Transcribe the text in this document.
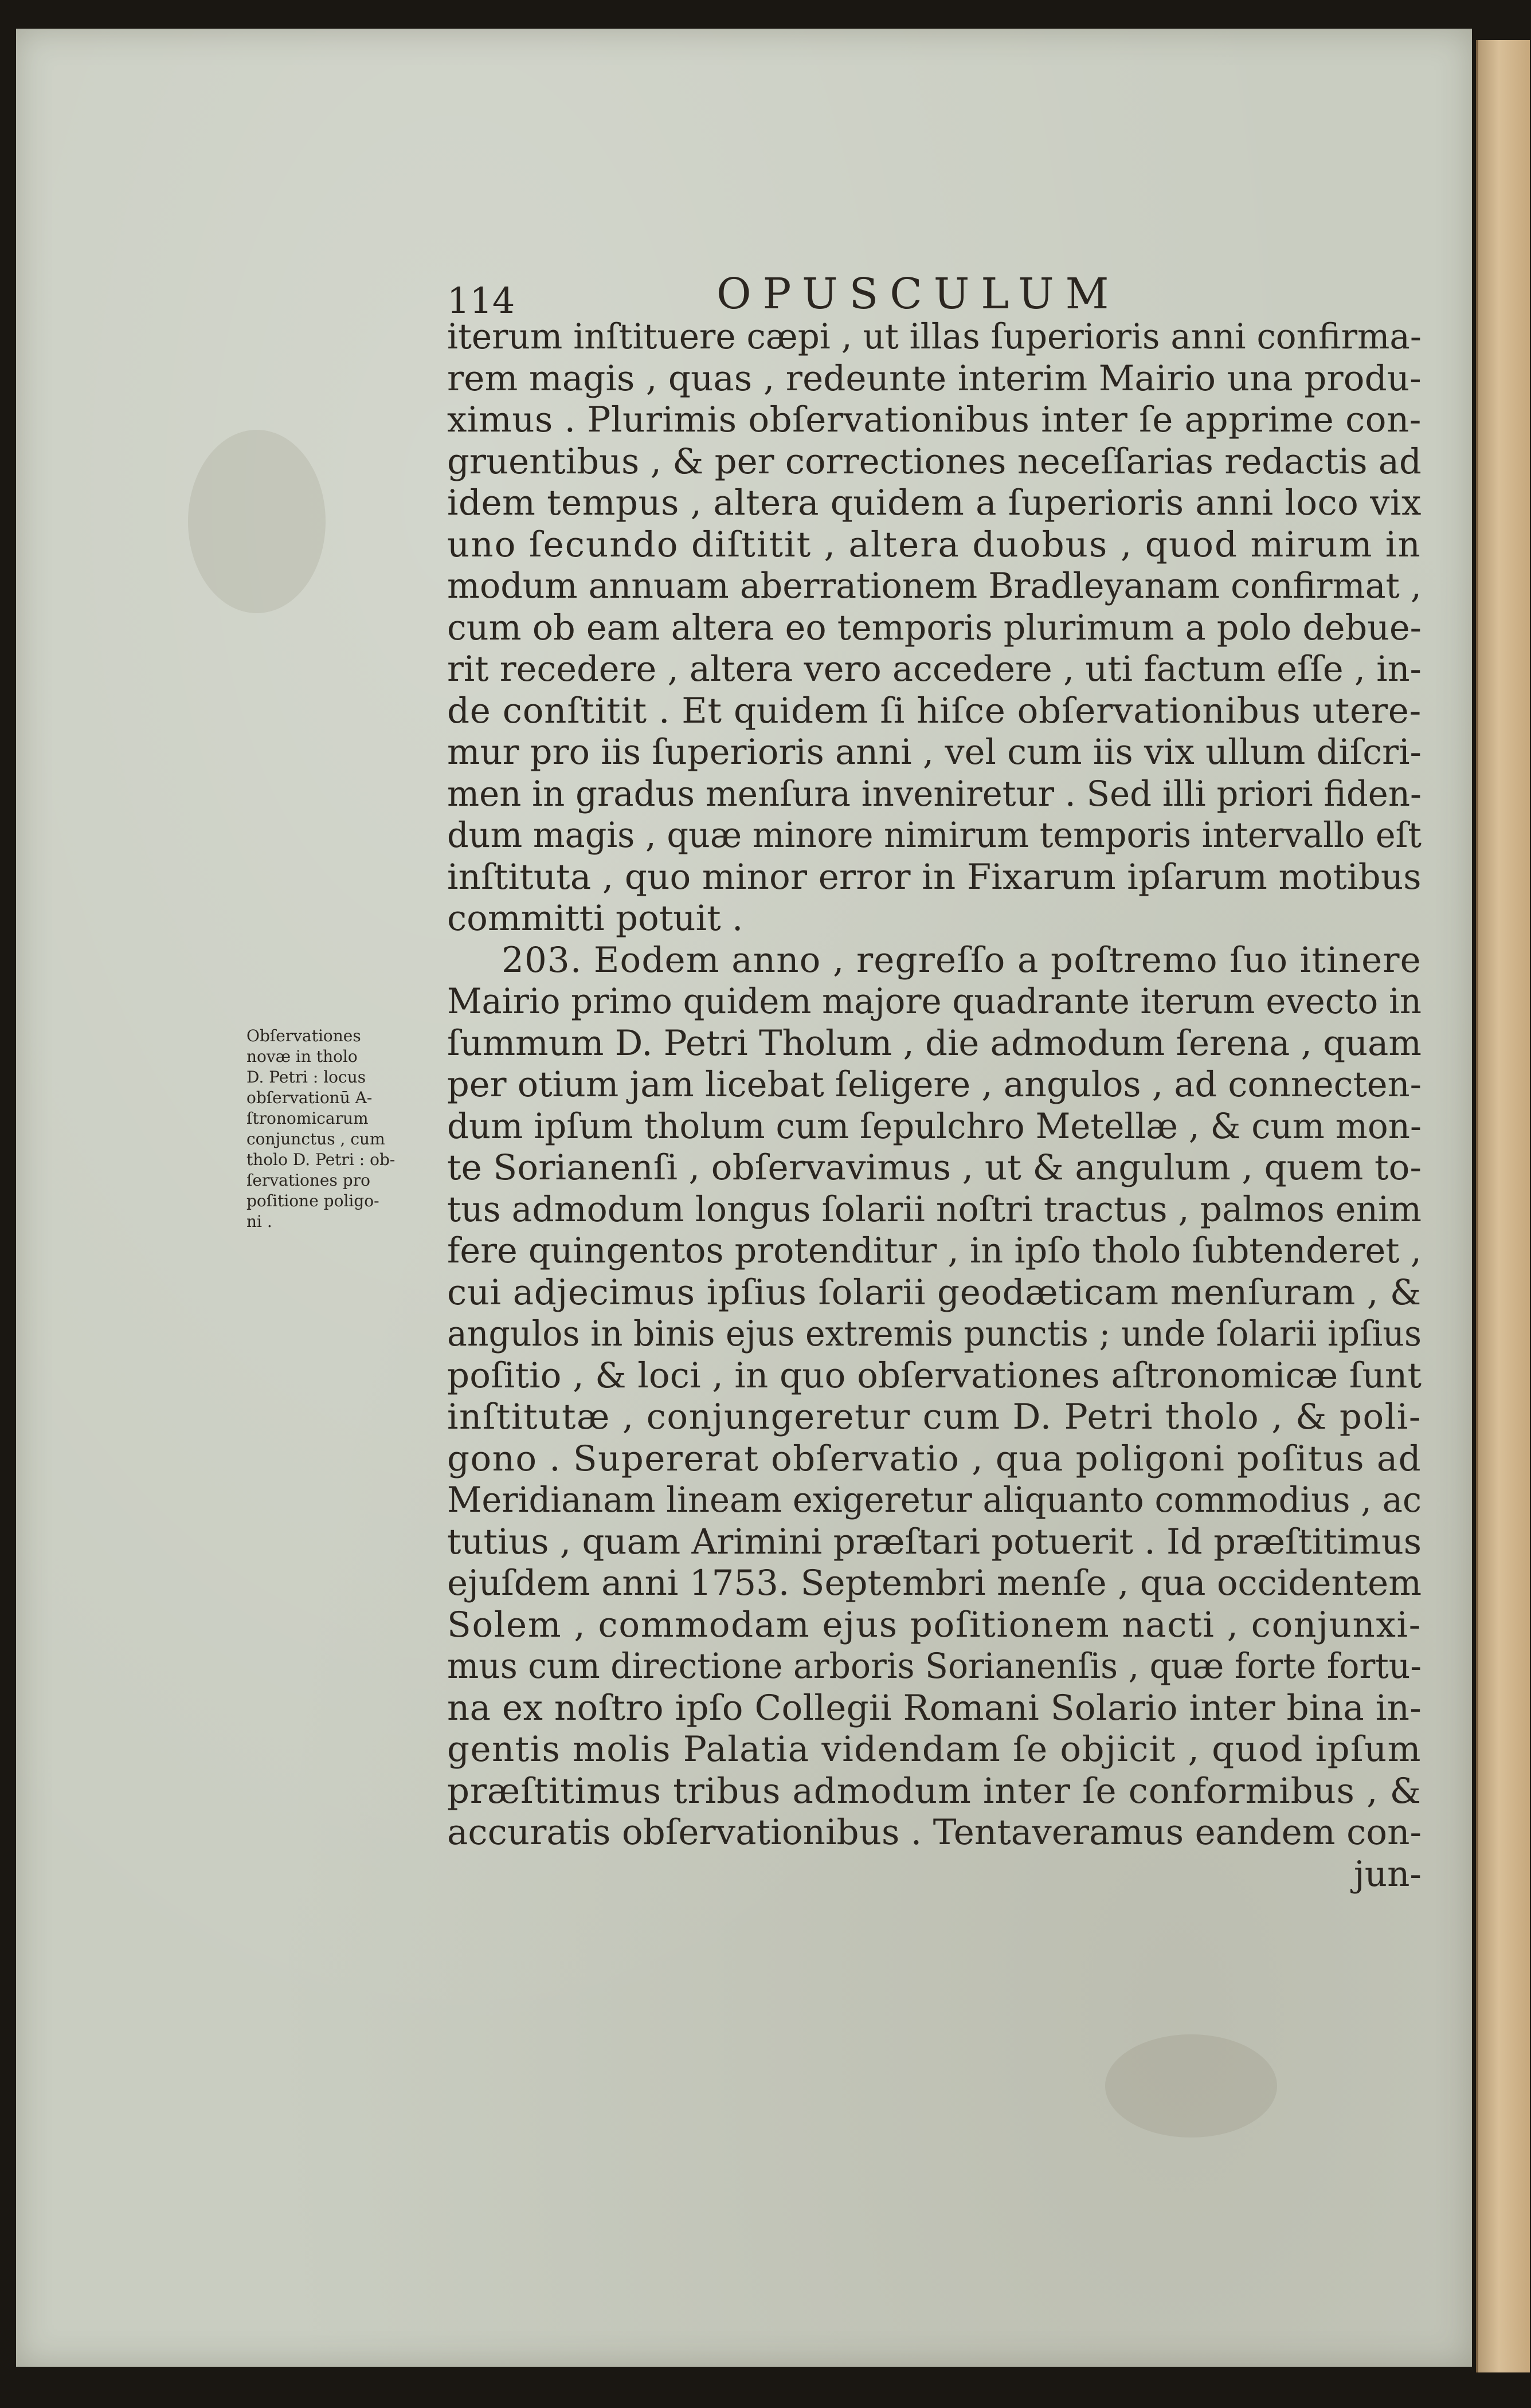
114	OPUSCULUM
Obſervationes
novæ in tholo
D. Petri : locus
obſervationū A-
ſtronomicarum
conjunctus , cum
tholo D. Petri : ob-
ſervationes pro
poſitione poligo-
ni .
iterum inſtituere cæpi , ut illas ſuperioris anni confirma-
rem magis , quas , redeunte interim Mairio una produ-
ximus . Plurimis obſervationibus inter ſe apprime con-
gruentibus , & per correctiones neceſſarias redactis ad
idem tempus , altera quidem a ſuperioris anni loco vix
uno ſecundo diſtitit , altera duobus , quod mirum in
modum annuam aberrationem Bradleyanam confirmat ,
cum ob eam altera eo temporis plurimum a polo debue-
rit recedere , altera vero accedere , uti factum eſſe , in-
de conſtitit . Et quidem ſi hiſce obſervationibus utere-
mur pro iis ſuperioris anni , vel cum iis vix ullum diſcri-
men in gradus menſura inveniretur . Sed illi priori fiden-
dum magis , quæ minore nimirum temporis intervallo eſt
inſtituta , quo minor error in Fixarum ipſarum motibus
committi potuit .
203. Eodem anno , regreſſo a poſtremo ſuo itinere
Mairio primo quidem majore quadrante iterum evecto in
ſummum D. Petri Tholum , die admodum ſerena , quam
per otium jam licebat ſeligere , angulos , ad connecten-
dum ipſum tholum cum ſepulchro Metellæ , & cum mon-
te Sorianenſi , obſervavimus , ut & angulum , quem to-
tus admodum longus ſolarii noſtri tractus , palmos enim
fere quingentos protenditur , in ipſo tholo ſubtenderet ,
cui adjecimus ipſius ſolarii geodæticam menſuram , &
angulos in binis ejus extremis punctis ; unde ſolarii ipſius
poſitio , & loci , in quo obſervationes aſtronomicæ ſunt
inſtitutæ , conjungeretur cum D. Petri tholo , & poli-
gono . Supererat obſervatio , qua poligoni poſitus ad
Meridianam lineam exigeretur aliquanto commodius , ac
tutius , quam Arimini præſtari potuerit . Id præſtitimus
ejuſdem anni 1753. Septembri menſe , qua occidentem
Solem , commodam ejus poſitionem nacti , conjunxi-
mus cum directione arboris Sorianenſis , quæ forte fortu-
na ex noſtro ipſo Collegii Romani Solario inter bina in-
gentis molis Palatia videndam ſe objicit , quod ipſum
præſtitimus tribus admodum inter ſe conformibus , &
accuratis obſervationibus . Tentaveramus eandem con-
jun-
